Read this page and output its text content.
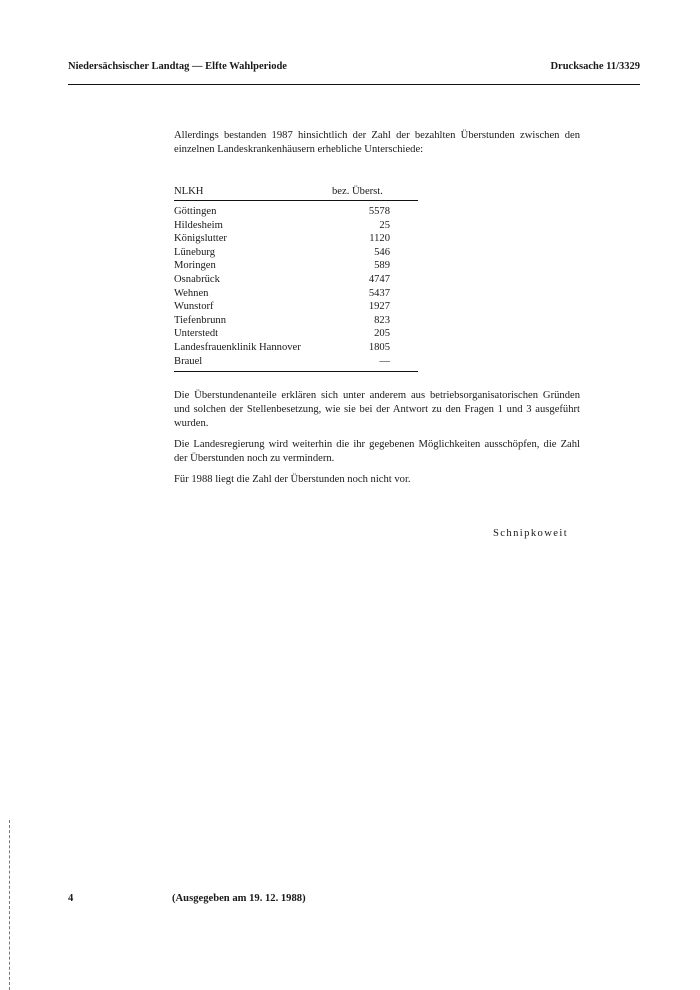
Niedersächsischer Landtag — Elfte Wahlperiode	Drucksache 11/3329
Allerdings bestanden 1987 hinsichtlich der Zahl der bezahlten Überstunden zwischen den einzelnen Landeskrankenhäusern erhebliche Unterschiede:
NLKH	bez. Überst.
Göttingen	5578
Hildesheim	25
Königslutter	1120
Lüneburg	546
Moringen	589
Osnabrück	4747
Wehnen	5437
Wunstorf	1927
Tiefenbrunn	823
Unterstedt	205
Landesfrauenklinik Hannover	1805
Brauel	—
Die Überstundenanteile erklären sich unter anderem aus betriebsorganisatorischen Gründen und solchen der Stellenbesetzung, wie sie bei der Antwort zu den Fragen 1 und 3 ausgeführt wurden.
Die Landesregierung wird weiterhin die ihr gegebenen Möglichkeiten ausschöpfen, die Zahl der Überstunden noch zu vermindern.
Für 1988 liegt die Zahl der Überstunden noch nicht vor.
Schnipkoweit
4	(Ausgegeben am 19. 12. 1988)
